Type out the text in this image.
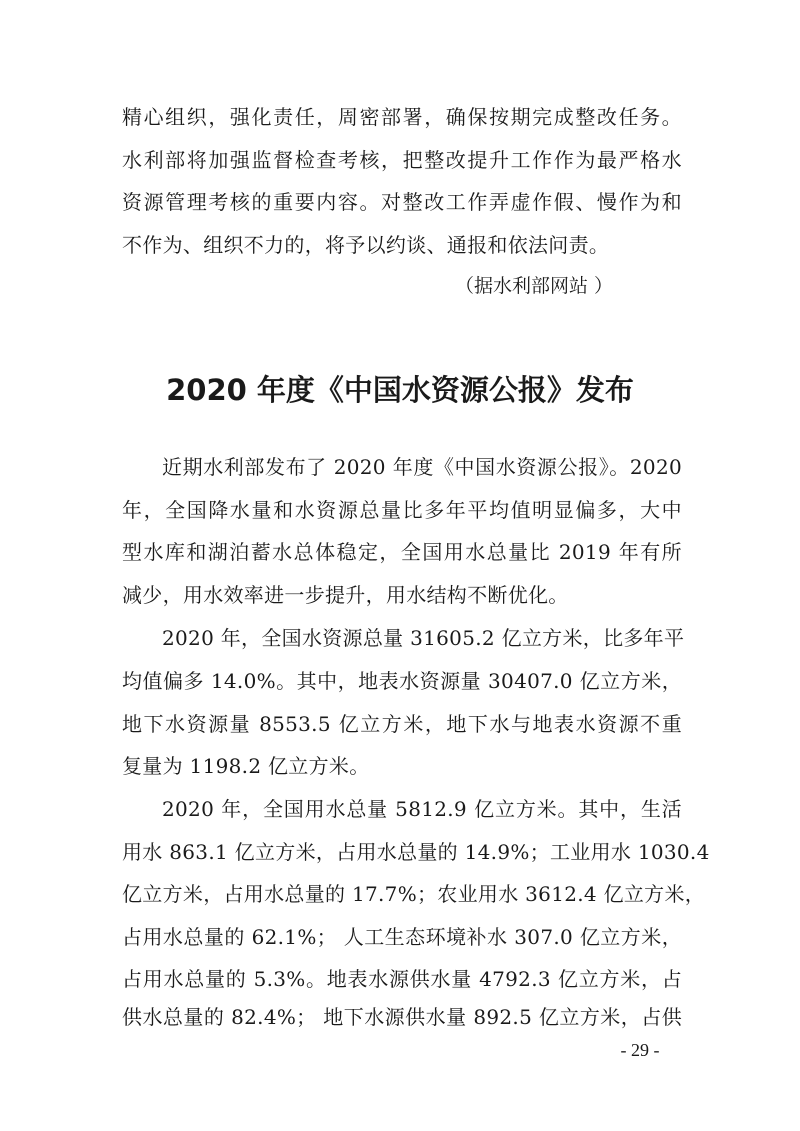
精心组织，强化责任，周密部署，确保按期完成整改任务。
水利部将加强监督检查考核，把整改提升工作作为最严格水
资源管理考核的重要内容。对整改工作弄虚作假、慢作为和
不作为、组织不力的，将予以约谈、通报和依法问责。
（据水利部网站 ）
2020 年度《中国水资源公报》发布
近期水利部发布了 2020 年度《中国水资源公报》。2020
年，全国降水量和水资源总量比多年平均值明显偏多，大中
型水库和湖泊蓄水总体稳定，全国用水总量比 2019 年有所
减少，用水效率进一步提升，用水结构不断优化。
2020 年，全国水资源总量 31605.2 亿立方米，比多年平
均值偏多 14.0%。其中，地表水资源量 30407.0 亿立方米，
地下水资源量 8553.5 亿立方米，地下水与地表水资源不重
复量为 1198.2 亿立方米。
2020 年，全国用水总量 5812.9 亿立方米。其中，生活
用水 863.1 亿立方米，占用水总量的 14.9%；工业用水 1030.4
亿立方米，占用水总量的 17.7%；农业用水 3612.4 亿立方米，
占用水总量的 62.1%； 人工生态环境补水 307.0 亿立方米，
占用水总量的 5.3%。地表水源供水量 4792.3 亿立方米，占
供水总量的 82.4%； 地下水源供水量 892.5 亿立方米，占供
- 29 -
